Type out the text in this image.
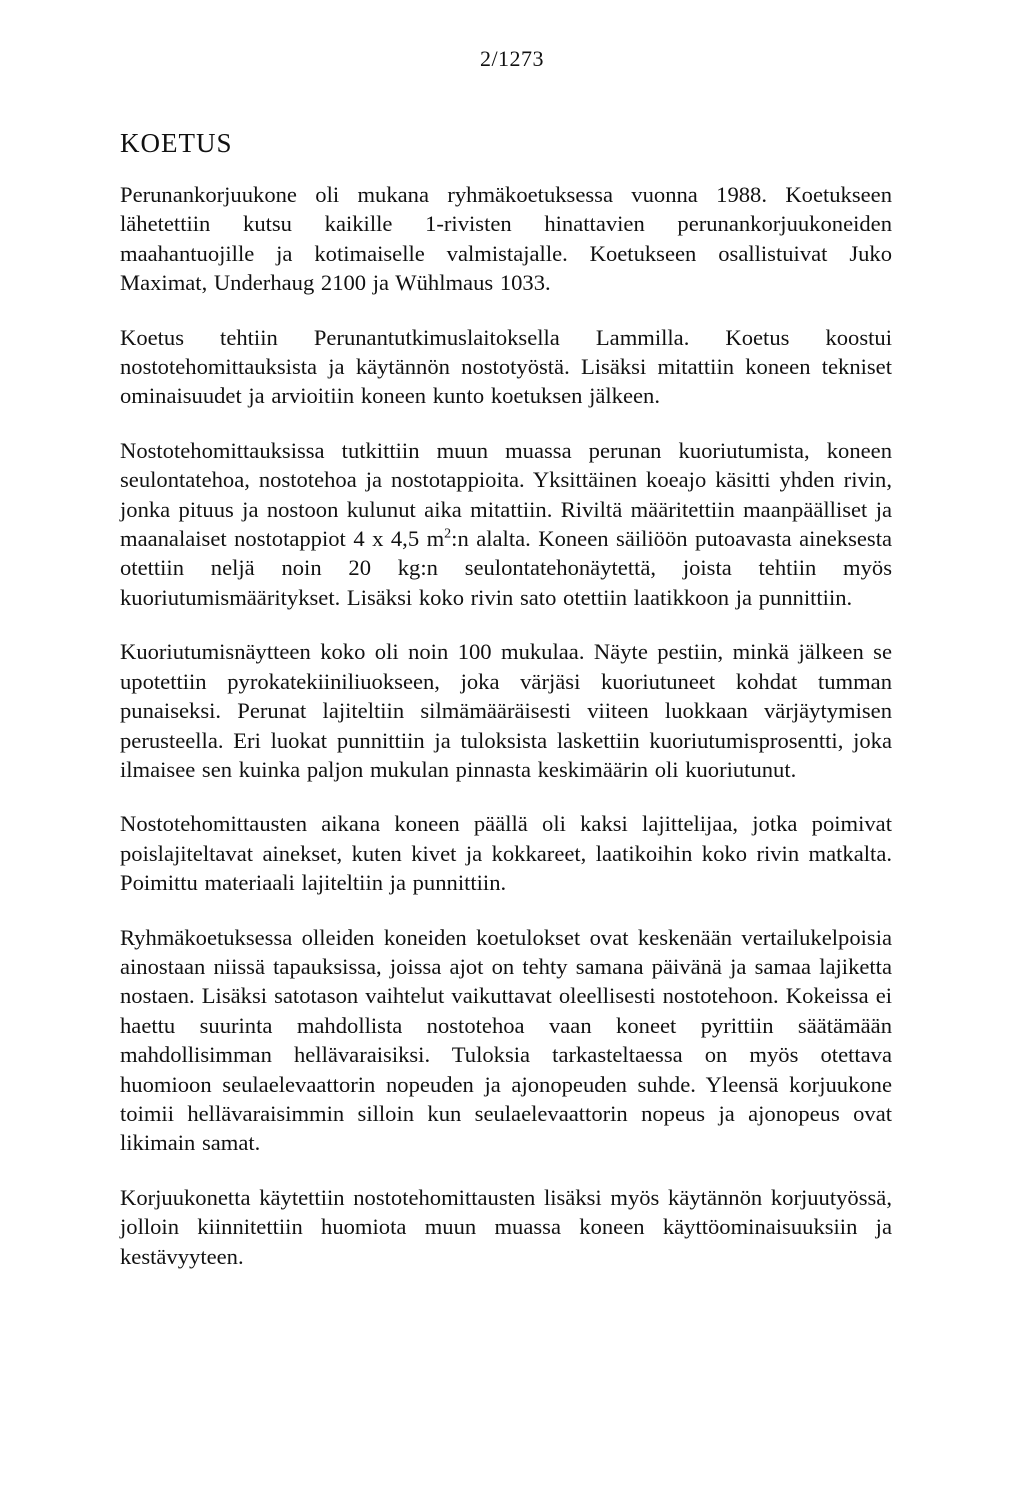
2/1273
KOETUS

Perunankorjuukone oli mukana ryhmäkoetuksessa vuonna 1988. Koetukseen lähetettiin kutsu kaikille 1-rivisten hinattavien perunankorjuukoneiden maahantuojille ja kotimaiselle valmistajalle. Koetukseen osallistuivat Juko Maximat, Underhaug 2100 ja Wühlmaus 1033.

Koetus tehtiin Perunantutkimuslaitoksella Lammilla. Koetus koostui nostotehomittauksista ja käytännön nostotyöstä. Lisäksi mitattiin koneen tekniset ominaisuudet ja arvioitiin koneen kunto koetuksen jälkeen.

Nostotehomittauksissa tutkittiin muun muassa perunan kuoriutumista, koneen seulontatehoa, nostotehoa ja nostotappioita. Yksittäinen koeajo käsitti yhden rivin, jonka pituus ja nostoon kulunut aika mitattiin. Riviltä määritettiin maanpäälliset ja maanalaiset nostotappiot 4 x 4,5 $m^2:n$ alalta. Koneen säiliöön putoavasta aineksesta otettiin neljä noin 20 kg:n seulontatehonäytettä, joista tehtiin myös kuoriutumismääritykset. Lisäksi koko rivin sato otettiin laatikkoon ja punnittiin.

Kuoriutumisnäytteen koko oli noin 100 mukulaa. Näyte pestiin, minkä jälkeen se upotettiin pyrokatekiiniliuokseen, joka värjäsi kuoriutuneet kohdat tumman punaiseksi. Perunat lajiteltiin silmämääräisesti viiteen luokkaan värjäytymisen perusteella. Eri luokat punnittiin ja tuloksista laskettiin kuoriutumisprosentti, joka ilmaisee sen kuinka paljon mukulan pinnasta keskimäärin oli kuoriutunut.

Nostotehomittausten aikana koneen päällä oli kaksi lajittelijaa, jotka poimivat poislajiteltavat ainekset, kuten kivet ja kokkareet, laatikoihin koko rivin matkalta. Poimittu materiaali lajiteltiin ja punnittiin.

Ryhmäkoetuksessa olleiden koneiden koetulokset ovat keskenään vertailukelpoisia ainostaan niissä tapauksissa, joissa ajot on tehty samana päivänä ja samaa lajiketta nostaen. Lisäksi satotason vaihtelut vaikuttavat oleellisesti nostotehoon. Kokeissa ei haettu suurinta mahdollista nostotehoa vaan koneet pyrittiin säätämään mahdollisimman hellävaraisiksi. Tuloksia tarkasteltaessa on myös otettava huomioon seulaelevaattorin nopeuden ja ajonopeuden suhde. Yleensä korjuukone toimii hellävaraisimmin silloin kun seulaelevaattorin nopeus ja ajonopeus ovat likimain samat.

Korjuukonetta käytettiin nostotehomittausten lisäksi myös käytännön korjuutyössä, jolloin kiinnitettiin huomiota muun muassa koneen käyttöominaisuuksiin ja kestävyyteen.
